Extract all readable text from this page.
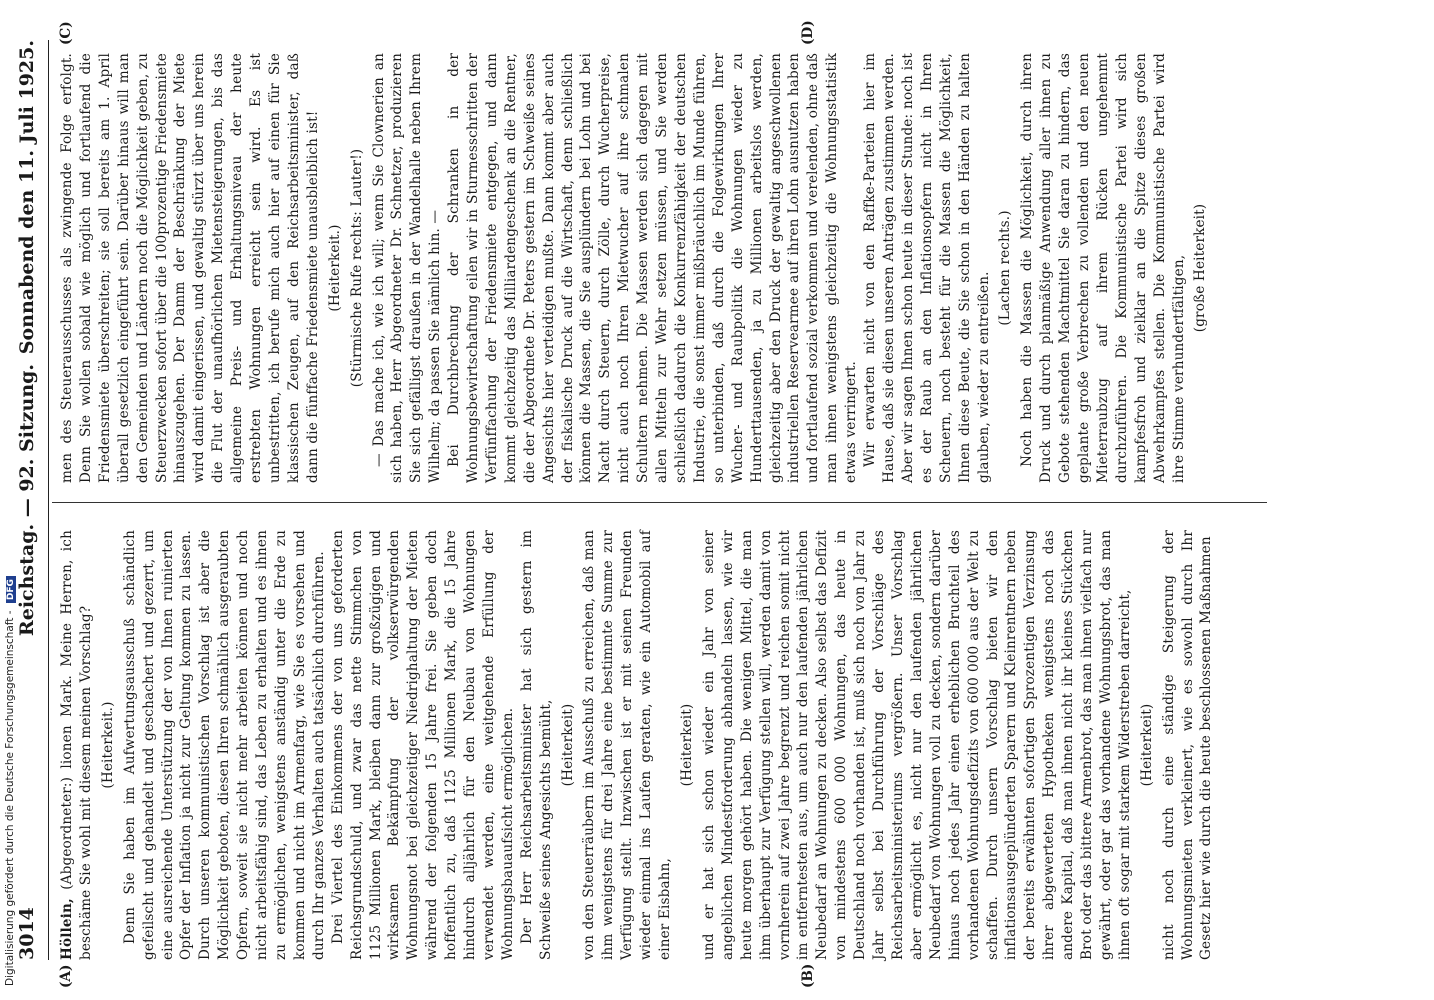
3014
Reichstag. — 92. Sitzung.
Sonnabend den 11. Juli 1925.
(A)	(B)
(C)	(D)

Höllein, (Abgeordneter:) lionen Mark. Meine Herren, ich beschäme Sie wohl mit diesem meinen Vorschlag? (Heiterkeit.) Denn Sie haben im Aufwertungsausschuß schändlich gefeilscht und gehandelt und geschachert und gezerrt, um eine ausreichende Unterstützung der von Ihnen ruinierten Opfer der Inflation ja nicht zur Geltung kommen zu lassen. Durch unseren kommunistischen Vorschlag ist aber die Möglichkeit geboten, diesen Ihren schmählich ausgeraubten Opfern, soweit sie nicht mehr arbeiten können und noch nicht arbeitsfähig sind, das Leben zu erhalten und es ihnen zu ermöglichen, wenigstens anständig unter die Erde zu kommen und nicht im Armenfarg, wie Sie es vorsehen und durch Ihr ganzes Verhalten auch tatsächlich durchführen. Drei Viertel des Einkommens der von uns geforderten Reichsgrundschuld, und zwar das nette Stimmchen von 1125 Millionen Mark, bleiben dann zur großzügigen und wirksamen Bekämpfung der volkserwürgenden Wohnungsnot bei gleichzeitiger Niedrighaltung der Mieten während der folgenden 15 Jahre frei. Sie geben doch hoffentlich zu, daß 1125 Millionen Mark, die 15 Jahre hindurch alljährlich für den Neubau von Wohnungen verwendet werden, eine weitgehende Erfüllung der Wohnungsbauaufsicht ermöglichen. Der Herr Reichsarbeitsminister hat sich gestern im Schweiße seines Angesichts bemüht, (Heiterkeit) von den Steuerräubern im Ausschuß zu erreichen, daß man ihm wenigstens für drei Jahre eine bestimmte Summe zur Verfügung stellt. Inzwischen ist er mit seinen Freunden wieder einmal ins Laufen geraten, wie ein Automobil auf einer Eisbahn,

(Heiterkeit) und er hat sich schon wieder ein Jahr von seiner angeblichen Mindestforderung abhandeln lassen, wie wir heute morgen gehört haben. Die wenigen Mittel, die man ihm überhaupt zur Verfügung stellen will, werden damit von vornherein auf zwei Jahre begrenzt und reichen somit nicht im entferntesten aus, um auch nur den laufenden jährlichen Neubedarf an Wohnungen zu decken. Also selbst das Defizit von mindestens 600 000 Wohnungen, das heute in Deutschland noch vorhanden ist, muß sich noch von Jahr zu Jahr selbst bei Durchführung der Vorschläge des Reichsarbeitsministeriums vergrößern. Unser Vorschlag aber ermöglicht es, nicht nur den laufenden jährlichen Neubedarf von Wohnungen voll zu decken, sondern darüber hinaus noch jedes Jahr einen erheblichen Bruchteil des vorhandenen Wohnungsdefizits von 600 000 aus der Welt zu schaffen. Durch unsern Vorschlag bieten wir den inflationsausgeplünderten Sparern und Kleinrentnern neben der bereits erwähnten sofortigen Sprozentigen Verzinsung ihrer abgewerteten Hypotheken wenigstens noch das andere Kapital, daß man ihnen nicht ihr kleines Stückchen Brot oder das bittere Armenbrot, das man ihnen vielfach nur gewährt, oder gar das vorhandene Wohnungsbrot, das man ihnen oft sogar mit starkem Widerstreben darreicht, (Heiterkeit) nicht noch durch eine ständige Steigerung der Wohnungsmieten verkleinert, wie es sowohl durch Ihr Gesetz hier wie durch die heute beschlossenen Maßnahmen

men des Steuerausschusses als zwingende Folge erfolgt. Denn Sie wollen sobald wie möglich und fortlaufend die Friedensmiete überschreiten; sie soll bereits am 1. April überall gesetzlich eingeführt sein. Darüber hinaus will man den Gemeinden und Ländern noch die Möglichkeit geben, zu Steuerzwecken sofort über die 100prozentige Friedensmiete hinauszugehen. Der Damm der Beschränkung der Miete wird damit eingerissen, und gewaltig stürzt über uns herein die Flut der unaufhörlichen Mietensteigerungen, bis das allgemeine Preis- und Erhaltungsniveau der heute erstrebten Wohnungen erreicht sein wird. Es ist unbestritten, ich berufe mich auch hier auf einen für Sie klassischen Zeugen, auf den Reichsarbeitsminister, daß dann die fünffache Friedensmiete unausbleiblich ist! (Heiterkeit.) (Stürmische Rufe rechts: Lauter!) — Das mache ich, wie ich will; wenn Sie Clownerien an sich haben, Herr Abgeordneter Dr. Schnetzer, produzieren Sie sich gefälligst draußen in der Wandelhalle neben Ihrem Wilhelm; da passen Sie nämlich hin. — Bei Durchbrechung der Schranken in der Wohnungsbewirtschaftung eilen wir in Sturmesschritten der Verfünffachung der Friedensmiete entgegen, und dann kommt gleichzeitig das Milliardengeschenk an die Rentner, die der Abgeordnete Dr. Peters gestern im Schweiße seines Angesichts hier verteidigen mußte. Dann kommt aber auch der fiskalische Druck auf die Wirtschaft, denn schließlich können die Massen, die Sie ausplündern bei Lohn und bei Nacht durch Steuern, durch Zölle, durch Wucherpreise, nicht auch noch Ihren Mietwucher auf ihre schmalen Schultern nehmen. Die Massen werden sich dagegen mit allen Mitteln zur Wehr setzen müssen, und Sie werden schließlich dadurch die Konkurrenzfähigkeit der deutschen Industrie, die sonst immer mißbräuchlich im Munde führen, so unterbinden, daß durch die Folgewirkungen Ihrer Wucher- und Raubpolitik die Wohnungen wieder zu Hunderttausenden, ja zu Millionen arbeitslos werden, gleichzeitig aber den Druck der gewaltig angeschwollenen industriellen Reservearmee auf ihren Lohn ausnutzen haben und fortlaufend sozial verkommen und verelenden, ohne daß man ihnen wenigstens gleichzeitig die Wohnungsstatistik etwas verringert. Wir erwarten nicht von den Raffke-Parteien hier im Hause, daß sie diesen unseren Anträgen zustimmen werden. Aber wir sagen Ihnen schon heute in dieser Stunde: noch ist es der Raub an den Inflationsopfern nicht in Ihren Scheuern, noch besteht für die Massen die Möglichkeit, Ihnen diese Beute, die Sie schon in den Händen zu halten glauben, wieder zu entreißen.

(Lachen rechts.) Noch haben die Massen die Möglichkeit, durch ihren Druck und durch planmäßige Anwendung aller ihnen zu Gebote stehenden Machtmittel Sie daran zu hindern, das geplante große Verbrechen zu vollenden und den neuen Mieterraubzug auf ihrem Rücken ungehemmt durchzuführen. Die Kommunistische Partei wird sich kampfesfroh und zielklar an die Spitze dieses großen Abwehrkampfes stellen. Die Kommunistische Partei wird ihre Stimme verhundertfältigen, (große Heiterkeit)

Digitalisierung gefördert durch die Deutsche Forschungsgemeinschaft - DFG
